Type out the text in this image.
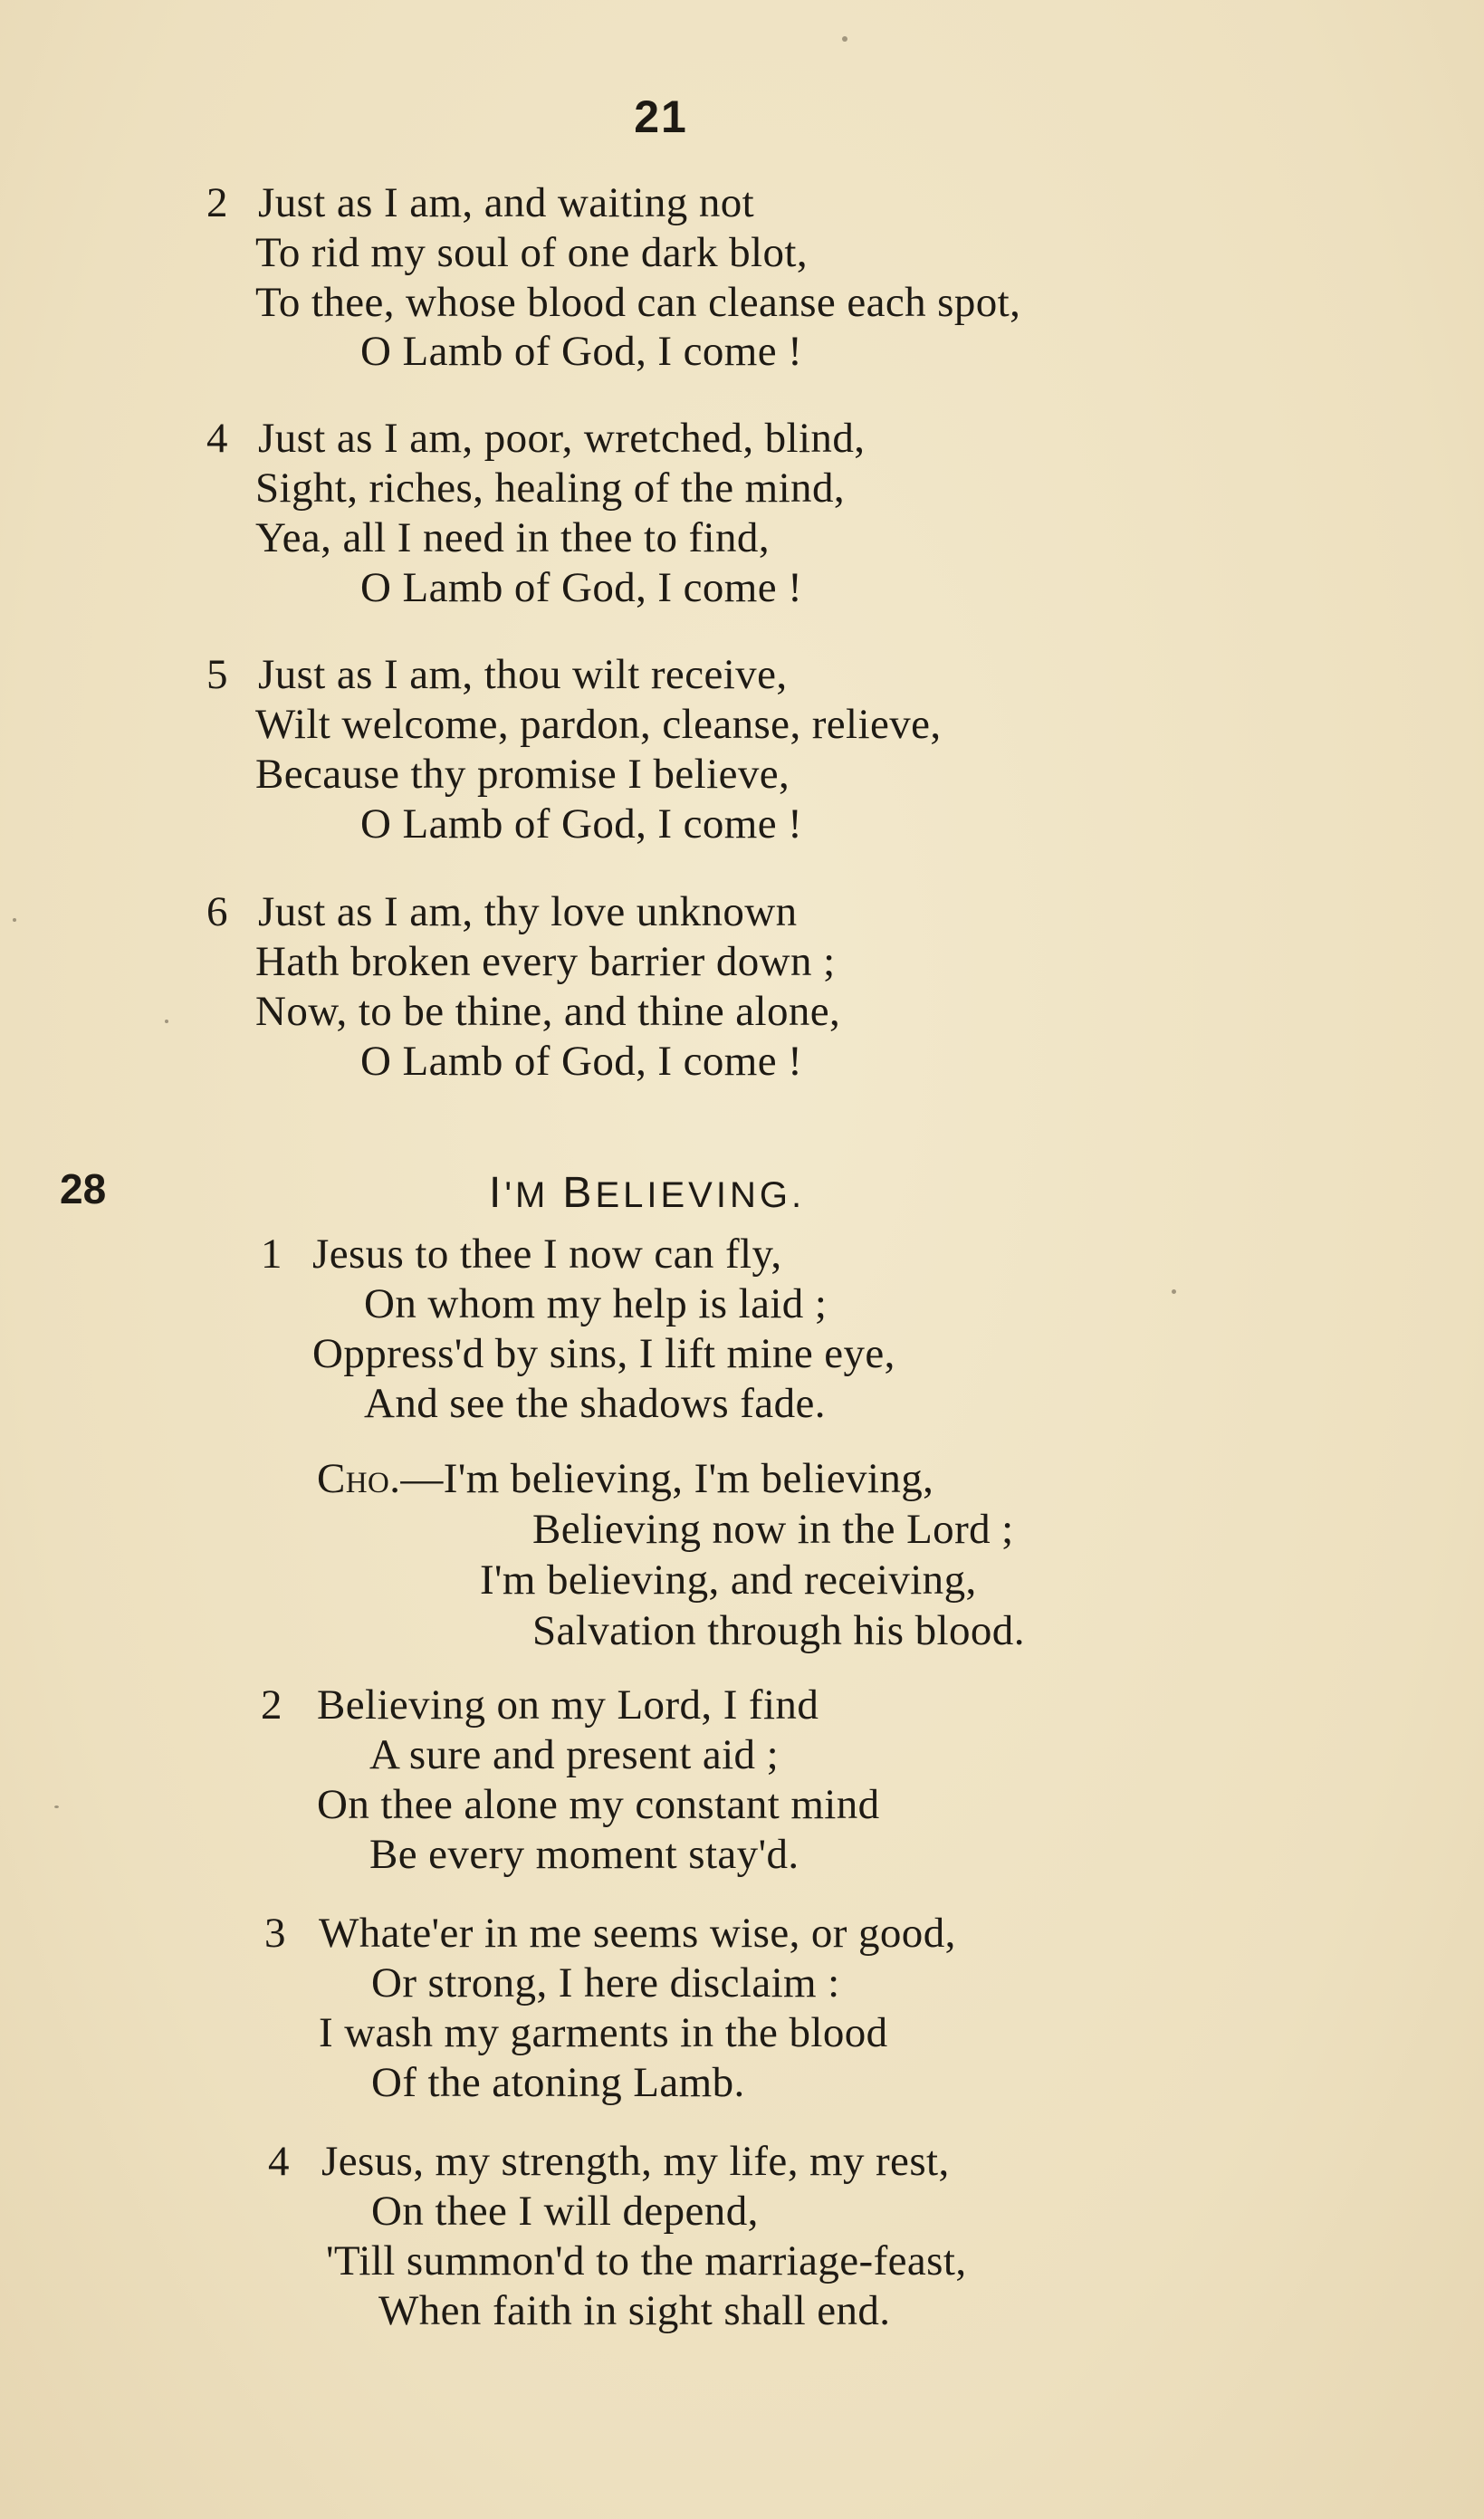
21
2 Just as I am, and waiting not
To rid my soul of one dark blot,
To thee, whose blood can cleanse each spot,
O Lamb of God, I come !
4 Just as I am, poor, wretched, blind,
Sight, riches, healing of the mind,
Yea, all I need in thee to find,
O Lamb of God, I come !
5 Just as I am, thou wilt receive,
Wilt welcome, pardon, cleanse, relieve,
Because thy promise I believe,
O Lamb of God, I come !
6 Just as I am, thy love unknown
Hath broken every barrier down ;
Now, to be thine, and thine alone,
O Lamb of God, I come !
28	I'M BELIEVING.
1 Jesus to thee I now can fly,
On whom my help is laid ;
Oppress'd by sins, I lift mine eye,
And see the shadows fade.
Cho.—I'm believing, I'm believing,
Believing now in the Lord ;
I'm believing, and receiving,
Salvation through his blood.
2 Believing on my Lord, I find
A sure and present aid ;
On thee alone my constant mind
Be every moment stay'd.
3 Whate'er in me seems wise, or good,
Or strong, I here disclaim :
I wash my garments in the blood
Of the atoning Lamb.
4 Jesus, my strength, my life, my rest,
On thee I will depend,
'Till summon'd to the marriage-feast,
When faith in sight shall end.
